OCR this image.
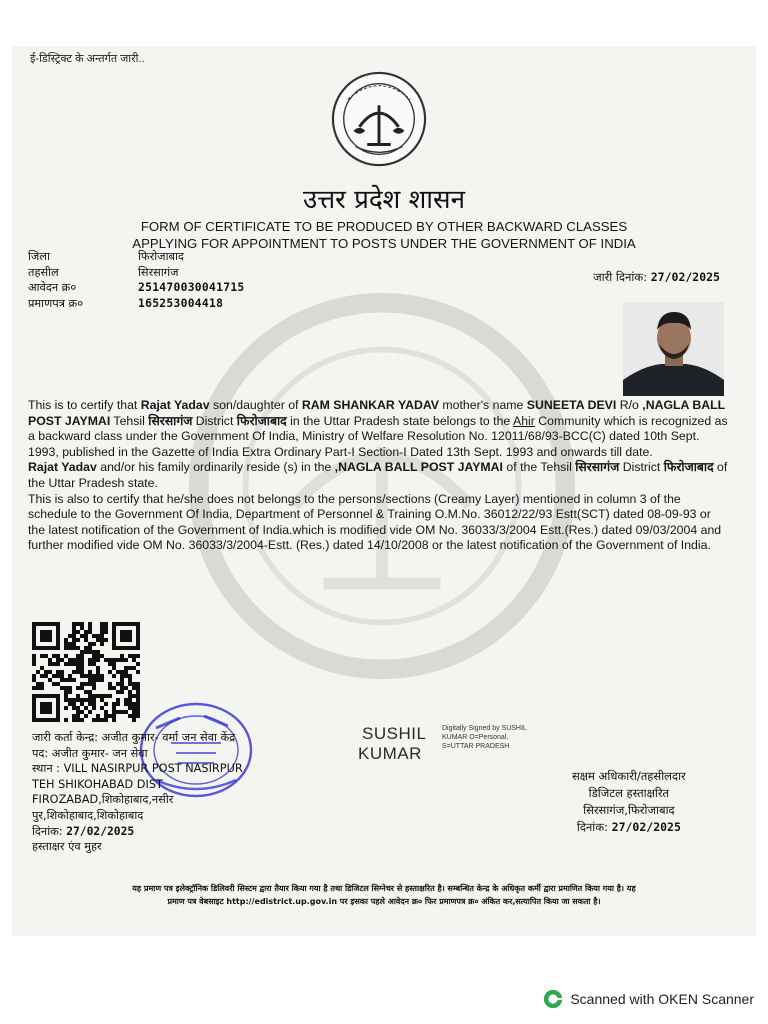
ई-डिस्ट्रिक्ट के अन्तर्गत जारी..
उत्तर प्रदेश शासन
FORM OF CERTIFICATE TO BE PRODUCED BY OTHER BACKWARD CLASSES
APPLYING FOR APPOINTMENT TO POSTS UNDER THE GOVERNMENT OF INDIA
जिला	फिरोजाबाद
तहसील	सिरसागंज
आवेदन क्र०	251470030041715
प्रमाणपत्र क्र०	165253004418
जारी दिनांक: 27/02/2025

This is to certify that Rajat Yadav son/daughter of RAM SHANKAR YADAV mother's name SUNEETA DEVI R/o ,NAGLA BALL POST JAYMAI Tehsil सिरसागंज District फिरोजाबाद in the Uttar Pradesh state belongs to the Ahir Community which is recognized as a backward class under the Government Of India, Ministry of Welfare Resolution No. 12011/68/93-BCC(C) dated 10th Sept. 1993, published in the Gazette of India Extra Ordinary Part-I Section-I Dated 13th Sept. 1993 and onwards till date.

Rajat Yadav and/or his family ordinarily reside (s) in the ,NAGLA BALL POST JAYMAI of the Tehsil सिरसागंज District फिरोजाबाद of the Uttar Pradesh state.

This is also to certify that he/she does not belongs to the persons/sections (Creamy Layer) mentioned in column 3 of the schedule to the Government Of India, Department of Personnel & Training O.M.No. 36012/22/93 Estt(SCT) dated 08-09-93 or the latest notification of the Government of India.which is modified vide OM No. 36033/3/2004 Estt.(Res.) dated 09/03/2004 and further modified vide OM No. 36033/3/2004-Estt. (Res.) dated 14/10/2008 or the latest notification of the Government of India.

जारी कर्ता केन्द्र: अजीत कुमार- वर्मा जन सेवा केंद्र
पद: अजीत कुमार- जन सेवा
स्थान : VILL NASIRPUR POST NASIRPUR
TEH SHIKOHABAD DIST
FIROZABAD,शिकोहाबाद,नसीर
पुर,शिकोहाबाद,शिकोहाबाद
दिनांक: 27/02/2025
हस्ताक्षर एंव मुहर
SUSHIL
KUMAR
Digitally Signed by SUSHIL KUMAR O=Personal, S=UTTAR PRADESH
सक्षम अधिकारी/तहसीलदार
डिजिटल हस्ताक्षरित
सिरसागंज,फिरोजाबाद
दिनांक: 27/02/2025
यह प्रमाण पत्र इलेक्ट्रॉनिक डिलिवरी सिस्टम द्वारा तैयार किया गया है तथा डिजिटल सिग्नेचर से हस्ताक्षरित है। सम्बन्धित केन्द्र के अधिकृत कर्मी द्वारा प्रमाणित किया गया है। यह
प्रमाण पत्र वेबसाइट http://edistrict.up.gov.in पर इसका पहले आवेदन क्र० फिर प्रमाणपत्र क्र० अंकित कर,सत्यापित किया जा सकता है।
Scanned with OKEN Scanner
